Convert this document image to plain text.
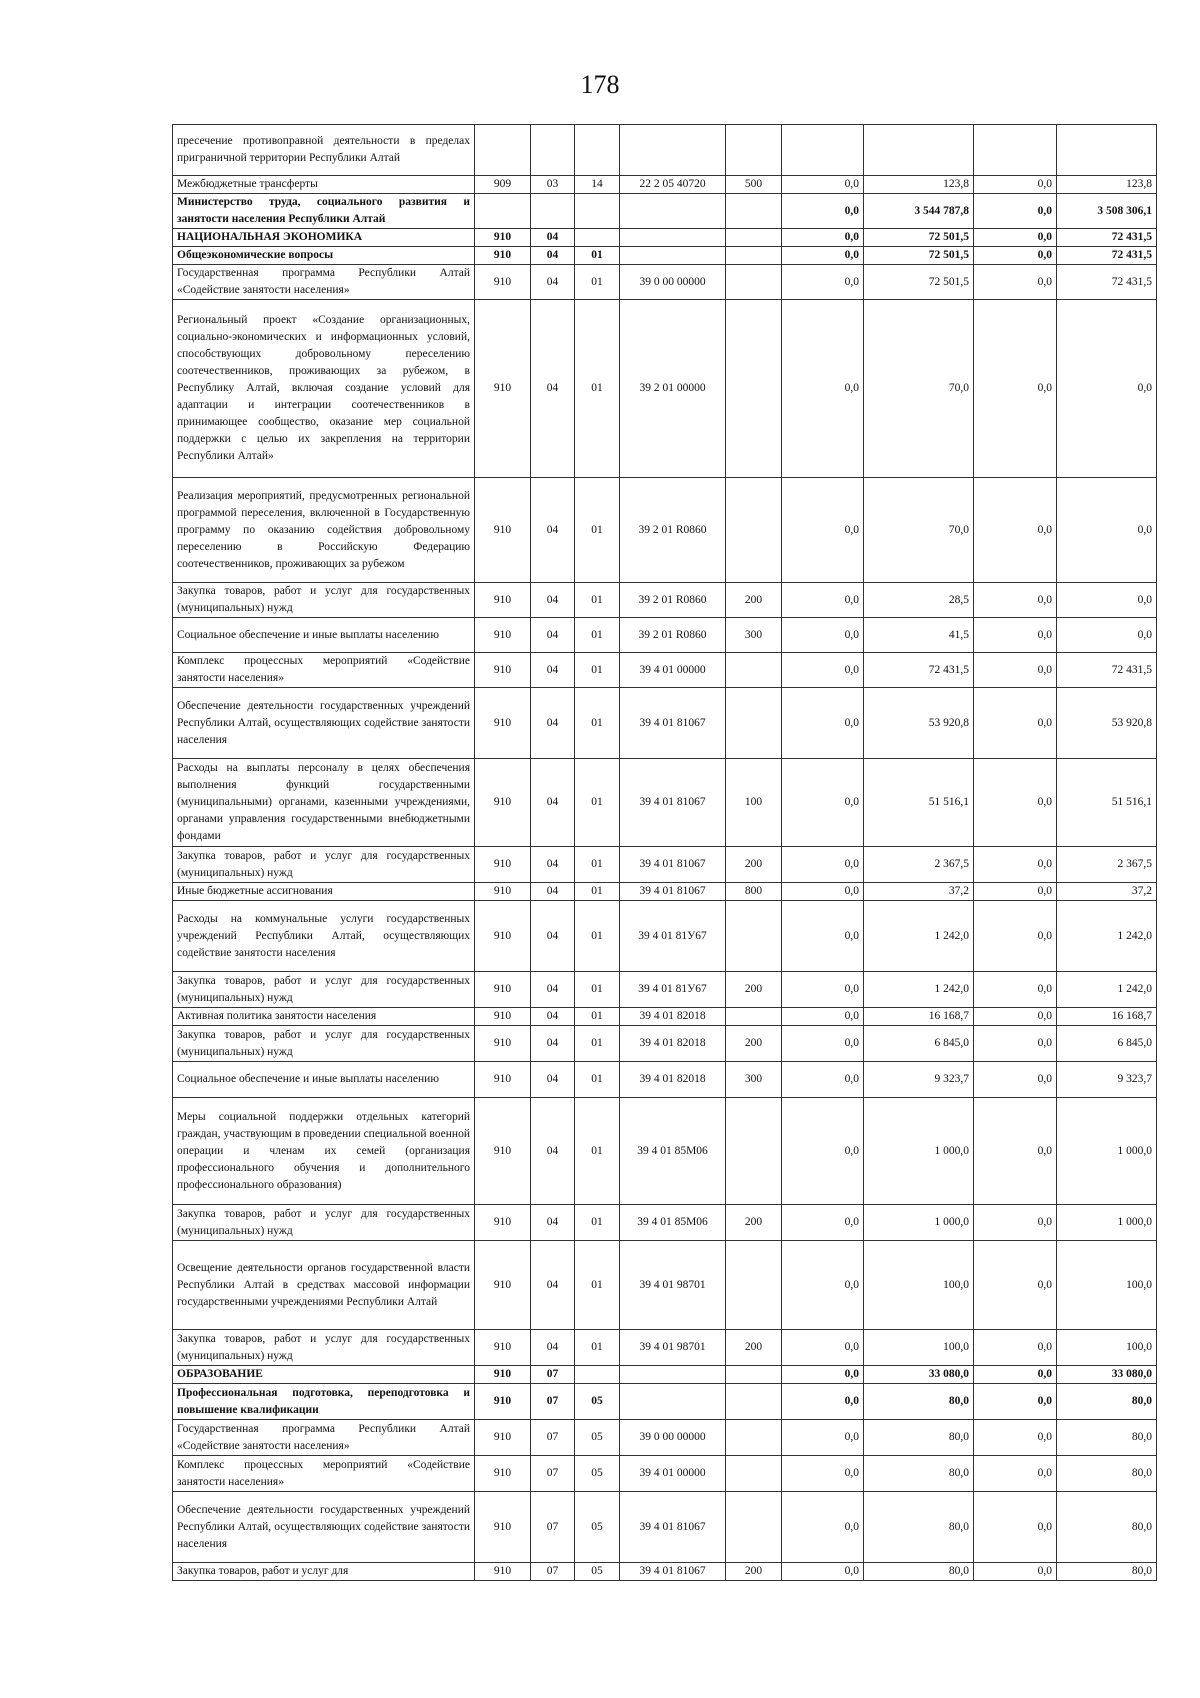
178
пресечение противоправной деятельности в пределах приграничной территории Республики Алтай									
Межбюджетные трансферты	909	03	14	22 2 05 40720	500	0,0	123,8	0,0	123,8
Министерство труда, социального развития и занятости населения Республики Алтай						0,0	3 544 787,8	0,0	3 508 306,1
НАЦИОНАЛЬНАЯ ЭКОНОМИКА	910	04				0,0	72 501,5	0,0	72 431,5
Общеэкономические вопросы	910	04	01			0,0	72 501,5	0,0	72 431,5
Государственная программа Республики Алтай «Содействие занятости населения»	910	04	01	39 0 00 00000		0,0	72 501,5	0,0	72 431,5
Региональный проект «Создание организационных, социально-экономических и информационных условий, способствующих добровольному переселению соотечественников, проживающих за рубежом, в Республику Алтай, включая создание условий для адаптации и интеграции соотечественников в принимающее сообщество, оказание мер социальной поддержки с целью их закрепления на территории Республики Алтай»	910	04	01	39 2 01 00000		0,0	70,0	0,0	0,0
Реализация мероприятий, предусмотренных региональной программой переселения, включенной в Государственную программу по оказанию содействия добровольному переселению в Российскую Федерацию соотечественников, проживающих за рубежом	910	04	01	39 2 01 R0860		0,0	70,0	0,0	0,0
Закупка товаров, работ и услуг для государственных (муниципальных) нужд	910	04	01	39 2 01 R0860	200	0,0	28,5	0,0	0,0
Социальное обеспечение и иные выплаты населению	910	04	01	39 2 01 R0860	300	0,0	41,5	0,0	0,0
Комплекс процессных мероприятий «Содействие занятости населения»	910	04	01	39 4 01 00000		0,0	72 431,5	0,0	72 431,5
Обеспечение деятельности государственных учреждений Республики Алтай, осуществляющих содействие занятости населения	910	04	01	39 4 01 81067		0,0	53 920,8	0,0	53 920,8
Расходы на выплаты персоналу в целях обеспечения выполнения функций государственными (муниципальными) органами, казенными учреждениями, органами управления государственными внебюджетными фондами	910	04	01	39 4 01 81067	100	0,0	51 516,1	0,0	51 516,1
Закупка товаров, работ и услуг для государственных (муниципальных) нужд	910	04	01	39 4 01 81067	200	0,0	2 367,5	0,0	2 367,5
Иные бюджетные ассигнования	910	04	01	39 4 01 81067	800	0,0	37,2	0,0	37,2
Расходы на коммунальные услуги государственных учреждений Республики Алтай, осуществляющих содействие занятости населения	910	04	01	39 4 01 81У67		0,0	1 242,0	0,0	1 242,0
Закупка товаров, работ и услуг для государственных (муниципальных) нужд	910	04	01	39 4 01 81У67	200	0,0	1 242,0	0,0	1 242,0
Активная политика занятости населения	910	04	01	39 4 01 82018		0,0	16 168,7	0,0	16 168,7
Закупка товаров, работ и услуг для государственных (муниципальных) нужд	910	04	01	39 4 01 82018	200	0,0	6 845,0	0,0	6 845,0
Социальное обеспечение и иные выплаты населению	910	04	01	39 4 01 82018	300	0,0	9 323,7	0,0	9 323,7
Меры социальной поддержки отдельных категорий граждан, участвующим в проведении специальной военной операции и членам их семей (организация профессионального обучения и дополнительного профессионального образования)	910	04	01	39 4 01 85М06		0,0	1 000,0	0,0	1 000,0
Закупка товаров, работ и услуг для государственных (муниципальных) нужд	910	04	01	39 4 01 85М06	200	0,0	1 000,0	0,0	1 000,0
Освещение деятельности органов государственной власти Республики Алтай в средствах массовой информации государственными учреждениями Республики Алтай	910	04	01	39 4 01 98701		0,0	100,0	0,0	100,0
Закупка товаров, работ и услуг для государственных (муниципальных) нужд	910	04	01	39 4 01 98701	200	0,0	100,0	0,0	100,0
ОБРАЗОВАНИЕ	910	07				0,0	33 080,0	0,0	33 080,0
Профессиональная подготовка, переподготовка и повышение квалификации	910	07	05			0,0	80,0	0,0	80,0
Государственная программа Республики Алтай «Содействие занятости населения»	910	07	05	39 0 00 00000		0,0	80,0	0,0	80,0
Комплекс процессных мероприятий «Содействие занятости населения»	910	07	05	39 4 01 00000		0,0	80,0	0,0	80,0
Обеспечение деятельности государственных учреждений Республики Алтай, осуществляющих содействие занятости населения	910	07	05	39 4 01 81067		0,0	80,0	0,0	80,0
Закупка товаров, работ и услуг для	910	07	05	39 4 01 81067	200	0,0	80,0	0,0	80,0
